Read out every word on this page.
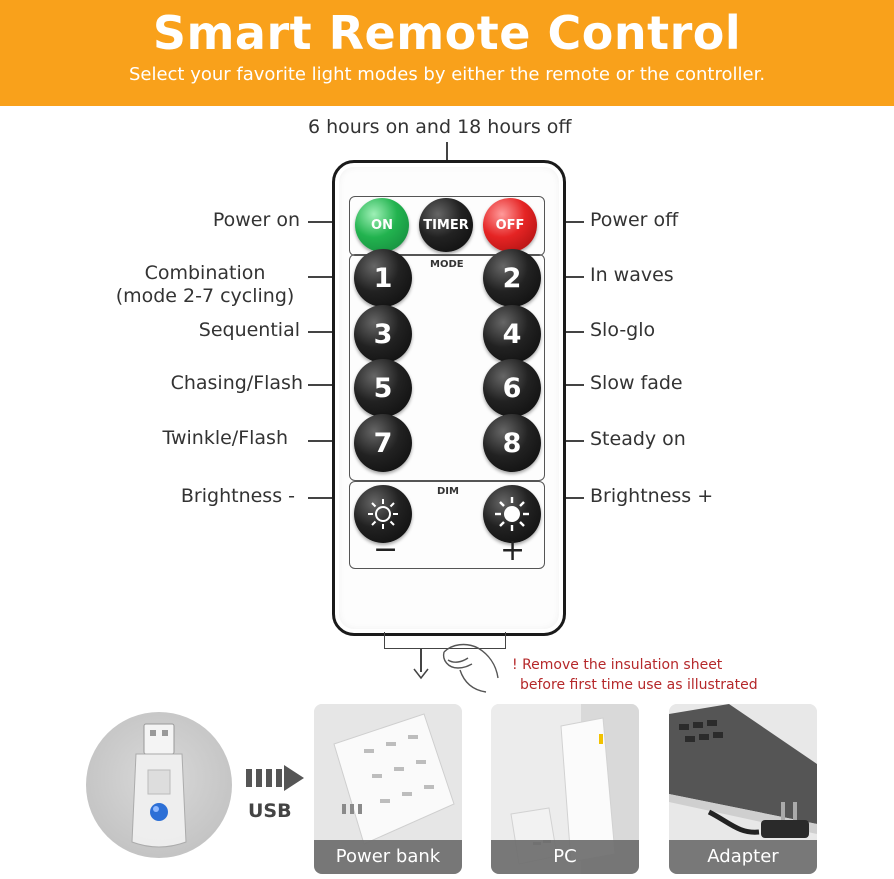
Smart Remote Control
Select your favorite light modes by either the remote or the controller.
6 hours on and 18 hours off
Power on
Combination
(mode 2-7 cycling)
Sequential
Chasing/Flash
Twinkle/Flash
Brightness -
Power off
In waves
Slo-glo
Slow fade
Steady on
Brightness +
ON	TIMER	OFF
MODE
1	2
3	4
5	6
7	8
DIM
−	+
! Remove the insulation sheet
before first time use as illustrated
USB
Power bank	PC	Adapter
